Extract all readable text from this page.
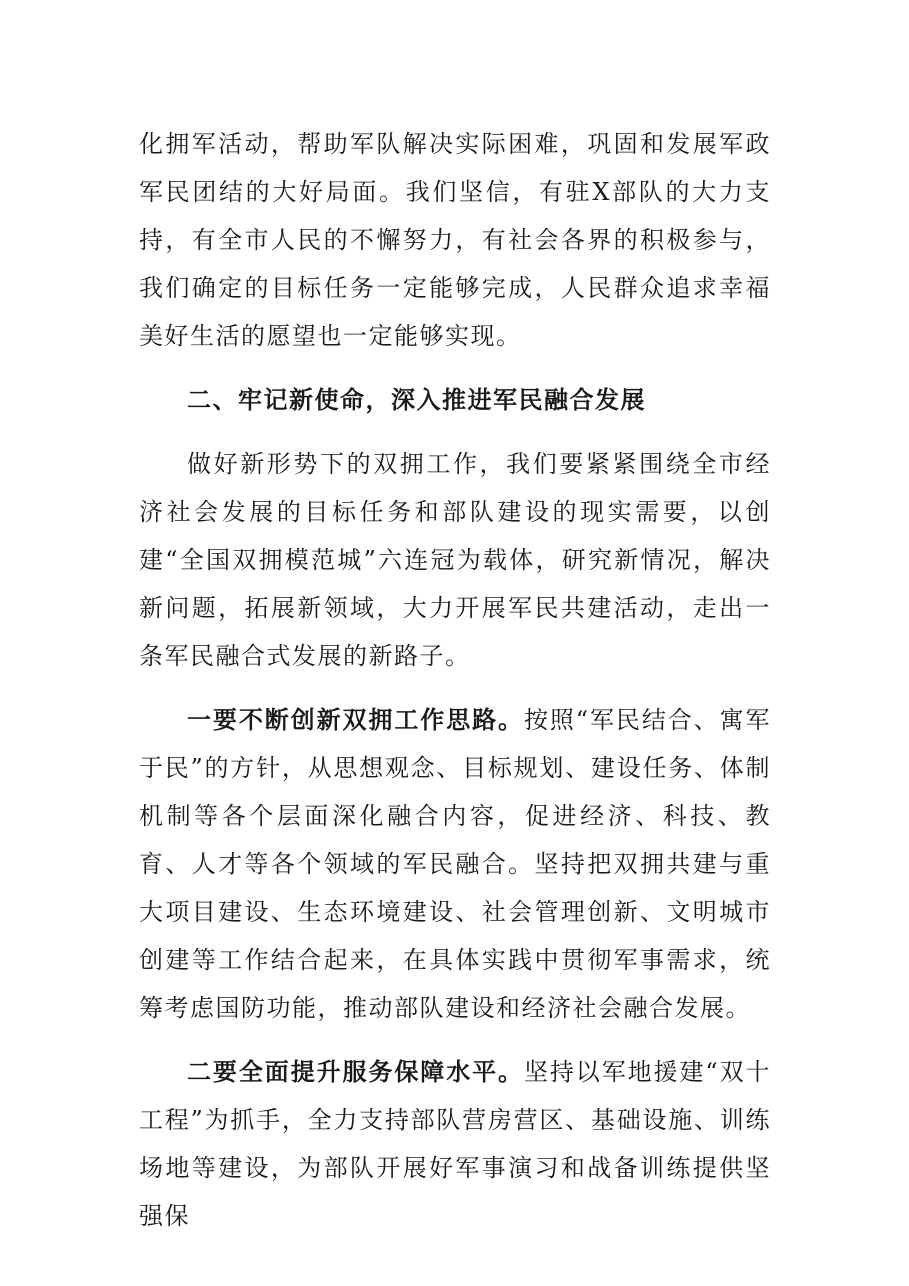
化拥军活动，帮助军队解决实际困难，巩固和发展军政军民团结的大好局面。我们坚信，有驻X部队的大力支持，有全市人民的不懈努力，有社会各界的积极参与，我们确定的目标任务一定能够完成，人民群众追求幸福美好生活的愿望也一定能够实现。

二、牢记新使命，深入推进军民融合发展

做好新形势下的双拥工作，我们要紧紧围绕全市经济社会发展的目标任务和部队建设的现实需要，以创建“全国双拥模范城”六连冠为载体，研究新情况，解决新问题，拓展新领域，大力开展军民共建活动，走出一条军民融合式发展的新路子。

一要不断创新双拥工作思路。按照“军民结合、寓军于民”的方针，从思想观念、目标规划、建设任务、体制机制等各个层面深化融合内容，促进经济、科技、教育、人才等各个领域的军民融合。坚持把双拥共建与重大项目建设、生态环境建设、社会管理创新、文明城市创建等工作结合起来，在具体实践中贯彻军事需求，统筹考虑国防功能，推动部队建设和经济社会融合发展。

二要全面提升服务保障水平。坚持以军地援建“双十工程”为抓手，全力支持部队营房营区、基础设施、训练场地等建设，为部队开展好军事演习和战备训练提供坚强保
